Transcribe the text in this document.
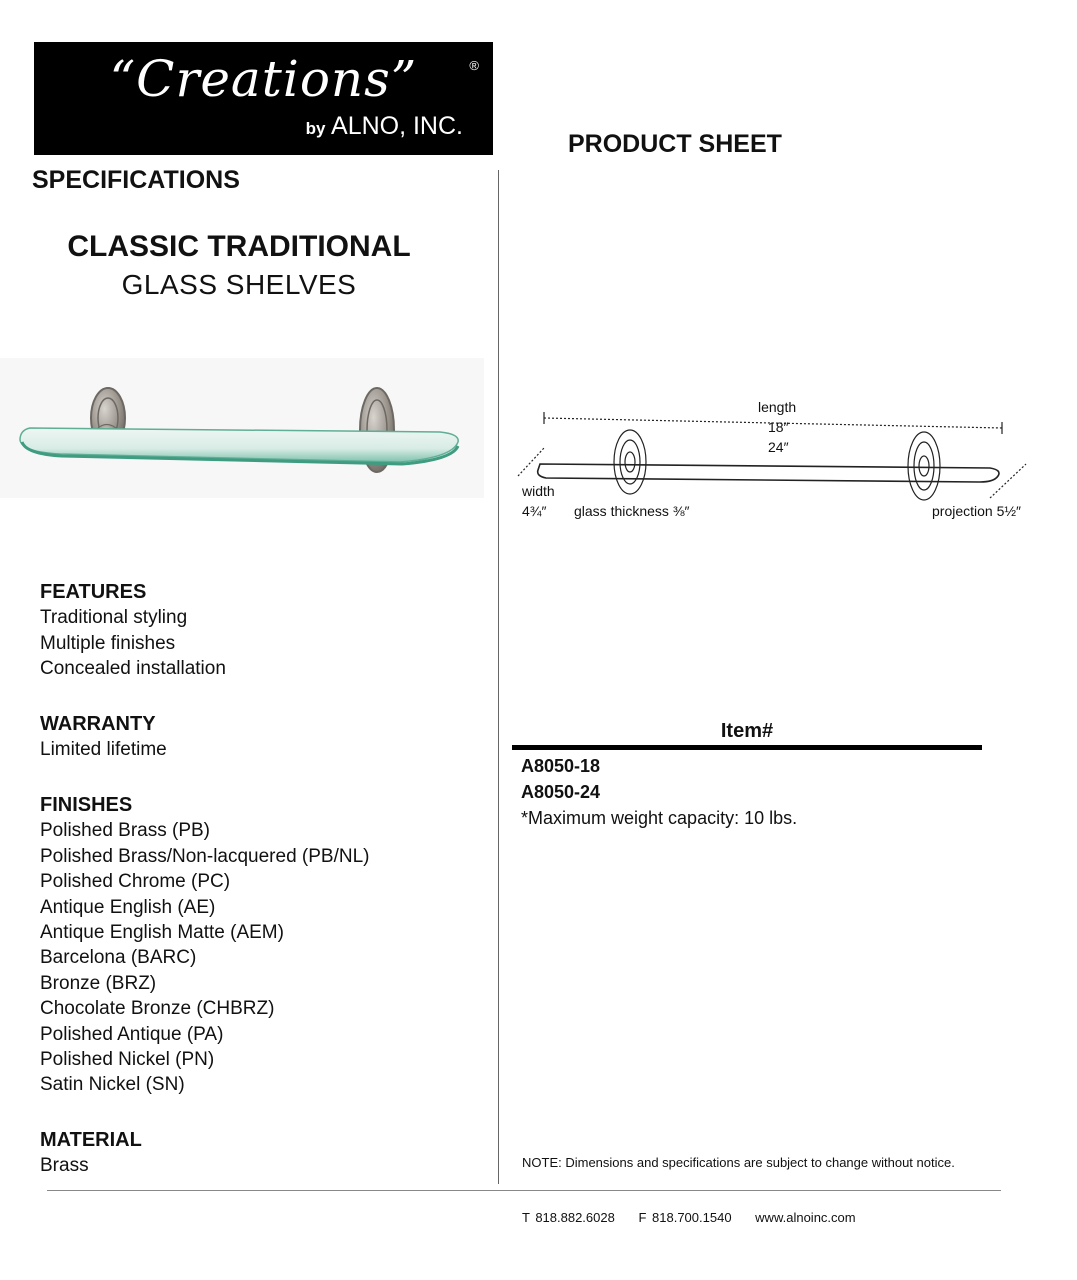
“Creations”	®
by ALNO, INC.
PRODUCT SHEET
SPECIFICATIONS
CLASSIC TRADITIONAL
GLASS SHELVES
length
18″
24″
width
4¾″ glass thickness ⅜″	projection 5½″
FEATURES
Traditional styling
Multiple finishes
Concealed installation
WARRANTY
Limited lifetime
FINISHES
Polished Brass (PB)
Polished Brass/Non-lacquered (PB/NL)
Polished Chrome (PC)
Antique English (AE)
Antique English Matte (AEM)
Barcelona (BARC)
Bronze (BRZ)
Chocolate Bronze (CHBRZ)
Polished Antique (PA)
Polished Nickel (PN)
Satin Nickel (SN)
MATERIAL
Brass
Item#
A8050-18
A8050-24
*Maximum weight capacity: 10 lbs.
NOTE: Dimensions and specifications are subject to change without notice.
T 818.882.6028 F 818.700.1540 www.alnoinc.com
